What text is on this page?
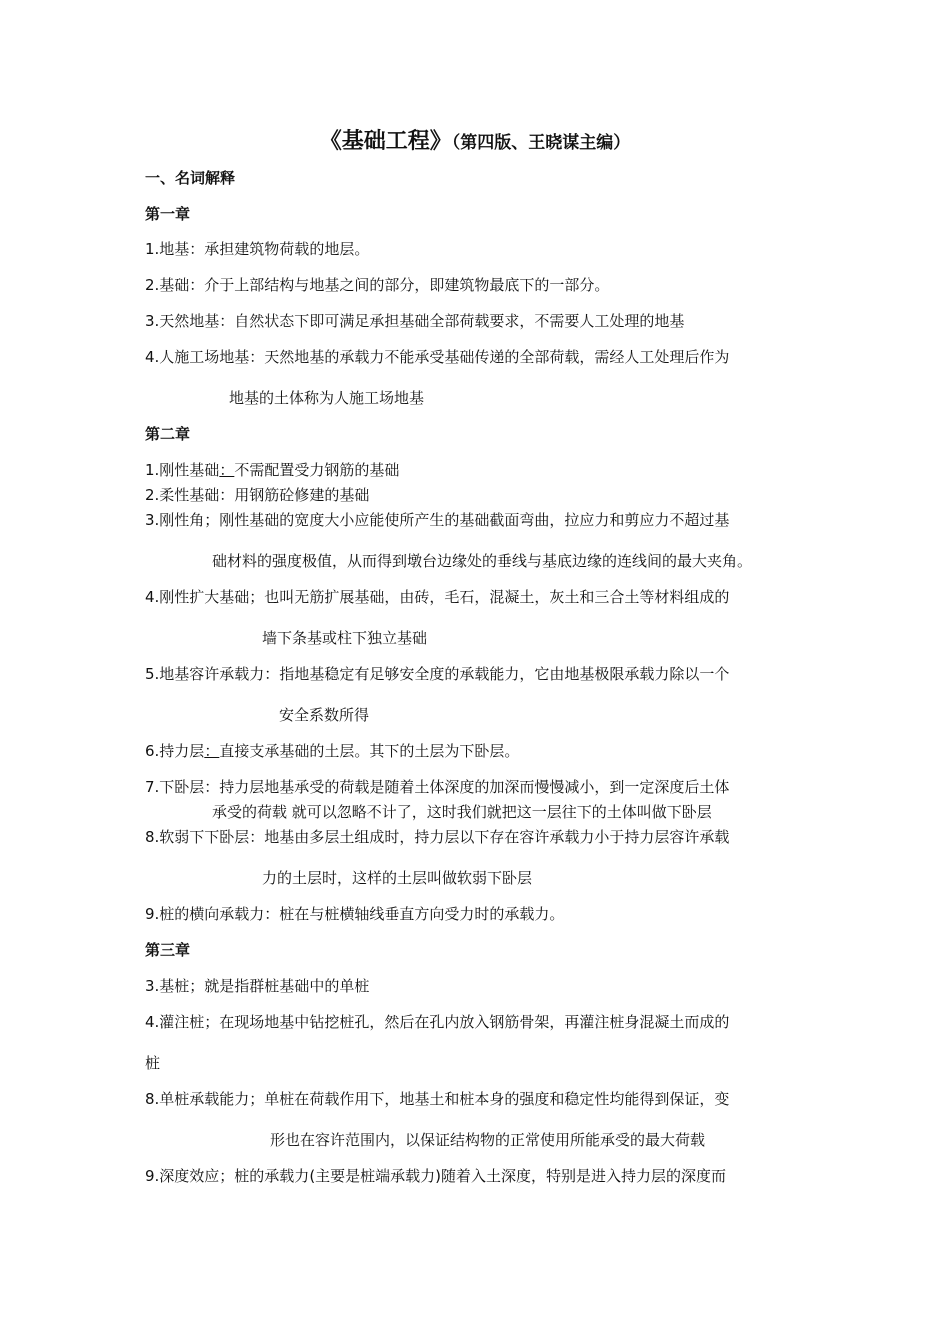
《基础工程》（第四版、王晓谋主编）
一、名词解释
第一章
1.地基：承担建筑物荷载的地层。
2.基础：介于上部结构与地基之间的部分，即建筑物最底下的一部分。
3.天然地基：自然状态下即可满足承担基础全部荷载要求，不需要人工处理的地基
4.人施工场地基：天然地基的承载力不能承受基础传递的全部荷载，需经人工处理后作为
地基的土体称为人施工场地基
第二章
1.刚性基础：不需配置受力钢筋的基础
2.柔性基础：用钢筋砼修建的基础
3.刚性角；刚性基础的宽度大小应能使所产生的基础截面弯曲，拉应力和剪应力不超过基
础材料的强度极值，从而得到墩台边缘处的垂线与基底边缘的连线间的最大夹角。
4.刚性扩大基础；也叫无筋扩展基础，由砖，毛石，混凝土，灰土和三合土等材料组成的
墙下条基或柱下独立基础
5.地基容许承载力：指地基稳定有足够安全度的承载能力，它由地基极限承载力除以一个
安全系数所得
6.持力层：直接支承基础的土层。其下的土层为下卧层。
7.下卧层：持力层地基承受的荷载是随着土体深度的加深而慢慢减小，到一定深度后土体
承受的荷载 就可以忽略不计了，这时我们就把这一层往下的土体叫做下卧层
8.软弱下下卧层：地基由多层土组成时，持力层以下存在容许承载力小于持力层容许承载
力的土层时，这样的土层叫做软弱下卧层
9.桩的横向承载力：桩在与桩横轴线垂直方向受力时的承载力。
第三章
3.基桩；就是指群桩基础中的单桩
4.灌注桩；在现场地基中钻挖桩孔，然后在孔内放入钢筋骨架，再灌注桩身混凝土而成的
桩
8.单桩承载能力；单桩在荷载作用下，地基土和桩本身的强度和稳定性均能得到保证，变
形也在容许范围内，以保证结构物的正常使用所能承受的最大荷载
9.深度效应；桩的承载力(主要是桩端承载力)随着入土深度，特别是进入持力层的深度而
